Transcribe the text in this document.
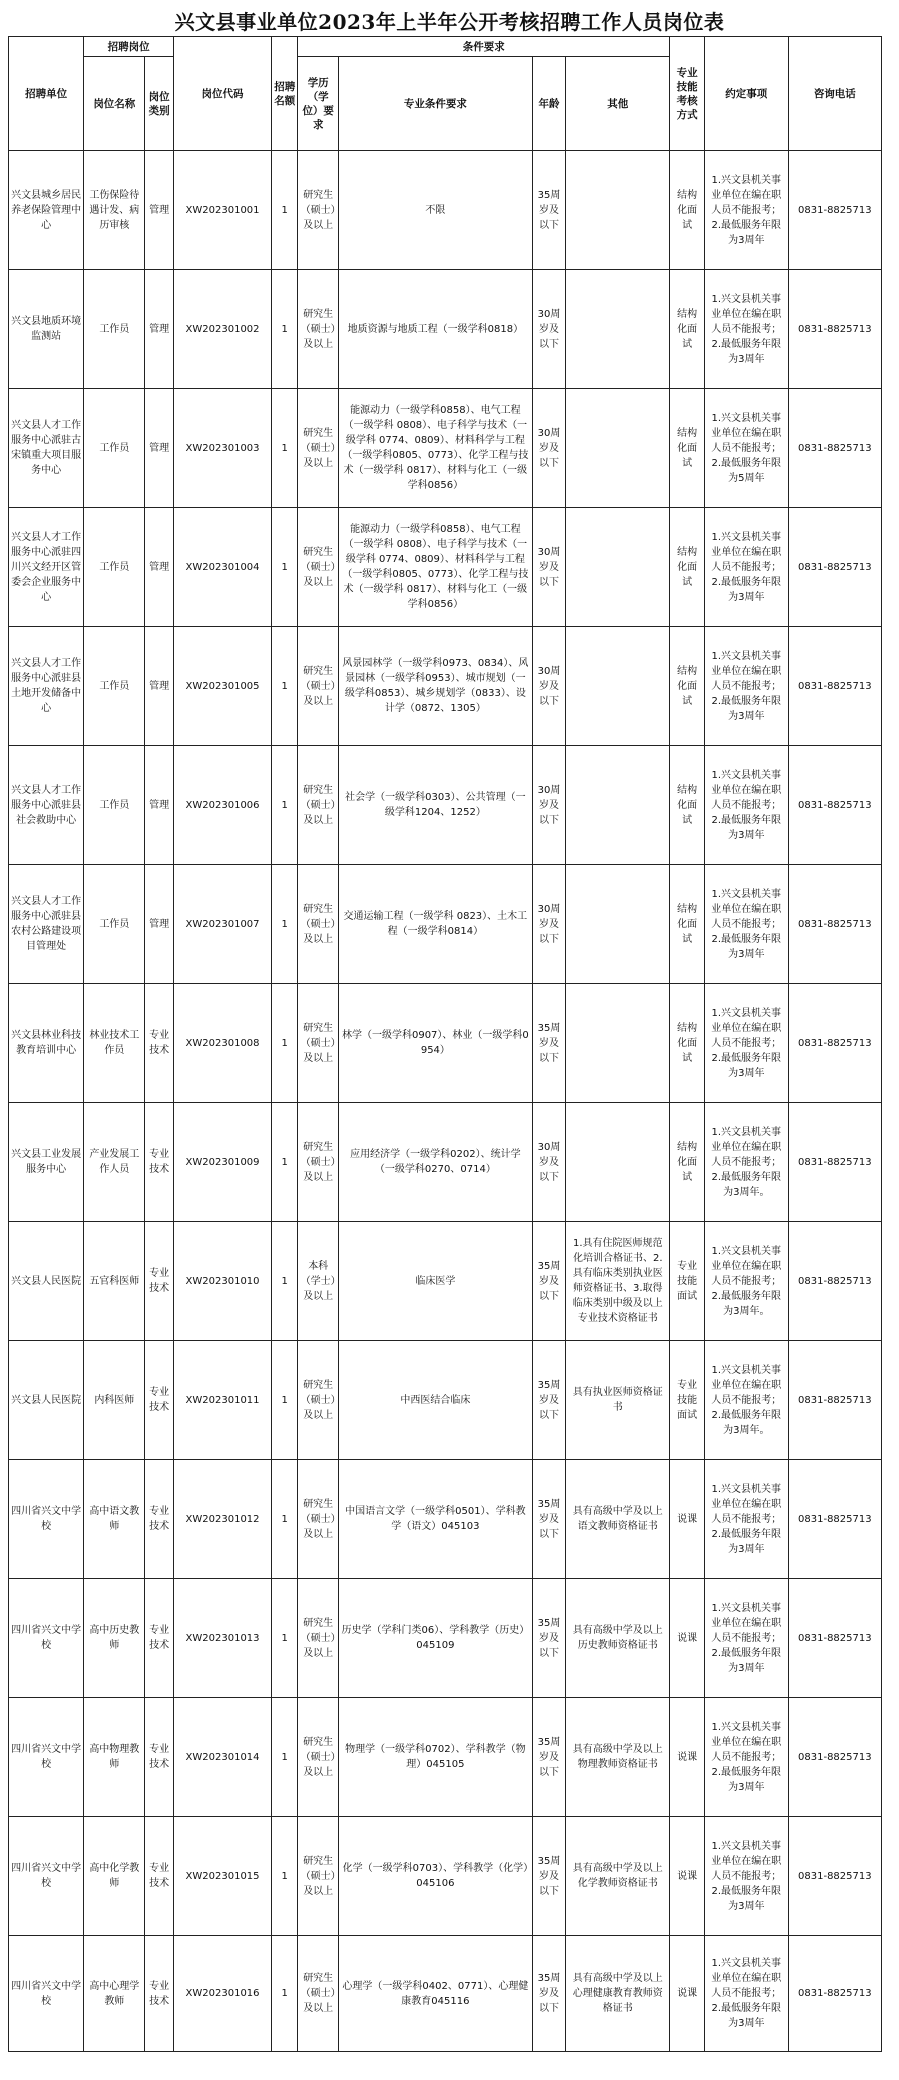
兴文县事业单位2023年上半年公开考核招聘工作人员岗位表
招聘单位	招聘岗位		岗位代码	招聘名额	条件要求				专业技能考核方式	约定事项	咨询电话
	岗位名称	岗位类别			学历（学位）要求	专业条件要求	年龄	其他			
兴文县城乡居民养老保险管理中心	工伤保险待遇计发、病历审核	管理	XW202301001	1	研究生（硕士）及以上	不限	35周岁及以下		结构化面试	1.兴文县机关事业单位在编在职人员不能报考；2.最低服务年限为3周年	0831-8825713
兴文县地质环境监测站	工作员	管理	XW202301002	1	研究生（硕士）及以上	地质资源与地质工程（一级学科0818）	30周岁及以下		结构化面试	1.兴文县机关事业单位在编在职人员不能报考；2.最低服务年限为3周年	0831-8825713
兴文县人才工作服务中心派驻古宋镇重大项目服务中心	工作员	管理	XW202301003	1	研究生（硕士）及以上	能源动力（一级学科0858）、电气工程（一级学科 0808）、电子科学与技术（一级学科 0774、0809）、材料科学与工程（一级学科0805、0773）、化学工程与技术（一级学科 0817）、材料与化工（一级学科0856）	30周岁及以下		结构化面试	1.兴文县机关事业单位在编在职人员不能报考；2.最低服务年限为5周年	0831-8825713
兴文县人才工作服务中心派驻四川兴文经开区管委会企业服务中心	工作员	管理	XW202301004	1	研究生（硕士）及以上	能源动力（一级学科0858）、电气工程（一级学科 0808）、电子科学与技术（一级学科 0774、0809）、材料科学与工程（一级学科0805、0773）、化学工程与技术（一级学科 0817）、材料与化工（一级学科0856）	30周岁及以下		结构化面试	1.兴文县机关事业单位在编在职人员不能报考；2.最低服务年限为3周年	0831-8825713
兴文县人才工作服务中心派驻县土地开发储备中心	工作员	管理	XW202301005	1	研究生（硕士）及以上	风景园林学（一级学科0973、0834）、风景园林（一级学科0953）、城市规划（一级学科0853）、城乡规划学（0833）、设计学（0872、1305）	30周岁及以下		结构化面试	1.兴文县机关事业单位在编在职人员不能报考；2.最低服务年限为3周年	0831-8825713
兴文县人才工作服务中心派驻县社会救助中心	工作员	管理	XW202301006	1	研究生（硕士）及以上	社会学（一级学科0303）、公共管理（一级学科1204、1252）	30周岁及以下		结构化面试	1.兴文县机关事业单位在编在职人员不能报考；2.最低服务年限为3周年	0831-8825713
兴文县人才工作服务中心派驻县农村公路建设项目管理处	工作员	管理	XW202301007	1	研究生（硕士）及以上	交通运输工程（一级学科 0823）、土木工程（一级学科0814）	30周岁及以下		结构化面试	1.兴文县机关事业单位在编在职人员不能报考；2.最低服务年限为3周年	0831-8825713
兴文县林业科技教育培训中心	林业技术工作员	专业技术	XW202301008	1	研究生（硕士）及以上	林学（一级学科0907）、林业（一级学科0954）	35周岁及以下		结构化面试	1.兴文县机关事业单位在编在职人员不能报考；2.最低服务年限为3周年	0831-8825713
兴文县工业发展服务中心	产业发展工作人员	专业技术	XW202301009	1	研究生（硕士）及以上	应用经济学（一级学科0202）、统计学（一级学科0270、0714）	30周岁及以下		结构化面试	1.兴文县机关事业单位在编在职人员不能报考；2.最低服务年限为3周年。	0831-8825713
兴文县人民医院	五官科医师	专业技术	XW202301010	1	本科（学士）及以上	临床医学	35周岁及以下	1.具有住院医师规范化培训合格证书、2.具有临床类别执业医师资格证书、3.取得临床类别中级及以上专业技术资格证书	专业技能面试	1.兴文县机关事业单位在编在职人员不能报考；2.最低服务年限为3周年。	0831-8825713
兴文县人民医院	内科医师	专业技术	XW202301011	1	研究生（硕士）及以上	中西医结合临床	35周岁及以下	具有执业医师资格证书	专业技能面试	1.兴文县机关事业单位在编在职人员不能报考；2.最低服务年限为3周年。	0831-8825713
四川省兴文中学校	高中语文教师	专业技术	XW202301012	1	研究生（硕士）及以上	中国语言文学（一级学科0501）、学科教学（语文）045103	35周岁及以下	具有高级中学及以上语文教师资格证书	说课	1.兴文县机关事业单位在编在职人员不能报考；2.最低服务年限为3周年	0831-8825713
四川省兴文中学校	高中历史教师	专业技术	XW202301013	1	研究生（硕士）及以上	历史学（学科门类06）、学科教学（历史）045109	35周岁及以下	具有高级中学及以上历史教师资格证书	说课	1.兴文县机关事业单位在编在职人员不能报考；2.最低服务年限为3周年	0831-8825713
四川省兴文中学校	高中物理教师	专业技术	XW202301014	1	研究生（硕士）及以上	物理学（一级学科0702）、学科教学（物理）045105	35周岁及以下	具有高级中学及以上物理教师资格证书	说课	1.兴文县机关事业单位在编在职人员不能报考；2.最低服务年限为3周年	0831-8825713
四川省兴文中学校	高中化学教师	专业技术	XW202301015	1	研究生（硕士）及以上	化学（一级学科0703）、学科教学（化学）045106	35周岁及以下	具有高级中学及以上化学教师资格证书	说课	1.兴文县机关事业单位在编在职人员不能报考；2.最低服务年限为3周年	0831-8825713
四川省兴文中学校	高中心理学教师	专业技术	XW202301016	1	研究生（硕士）及以上	心理学（一级学科0402、0771）、心理健康教育045116	35周岁及以下	具有高级中学及以上心理健康教育教师资格证书	说课	1.兴文县机关事业单位在编在职人员不能报考；2.最低服务年限为3周年	0831-8825713
